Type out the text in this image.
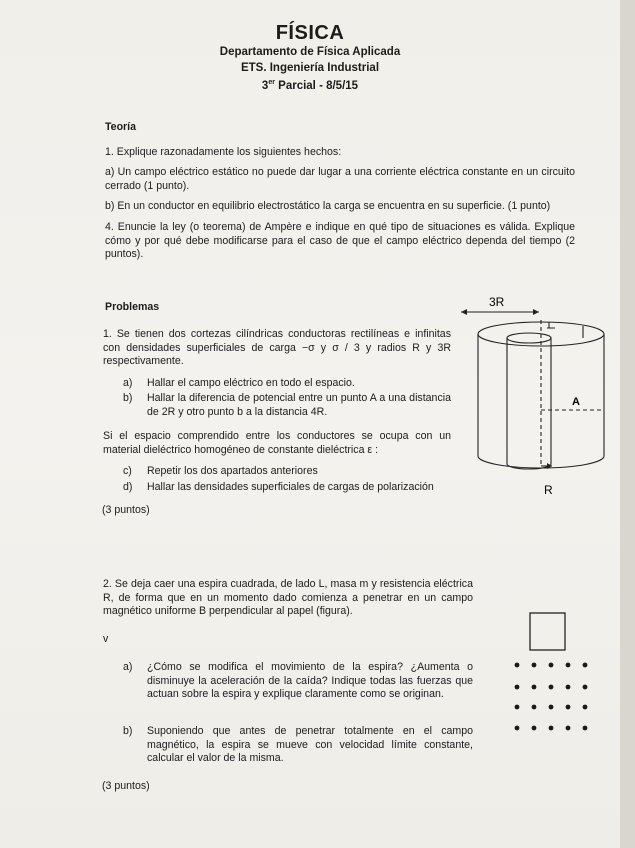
FÍSICA
Departamento de Física Aplicada
ETS. Ingeniería Industrial
3er Parcial - 8/5/15
Teoría
1. Explique razonadamente los siguientes hechos:
a) Un campo eléctrico estático no puede dar lugar a una corriente eléctrica constante en un circuito cerrado (1 punto).
b) En un conductor en equilibrio electrostático la carga se encuentra en su superficie. (1 punto)
4. Enuncie la ley (o teorema) de Ampère e indique en qué tipo de situaciones es válida. Explique cómo y por qué debe modificarse para el caso de que el campo eléctrico dependa del tiempo (2 puntos).
Problemas
1. Se tienen dos cortezas cilíndricas conductoras rectilíneas e infinitas con densidades superficiales de carga −σ y σ / 3 y radios R y 3R respectivamente.
a)	Hallar el campo eléctrico en todo el espacio.
b)	Hallar la diferencia de potencial entre un punto A a una distancia de 2R y otro punto b a la distancia 4R.
Si el espacio comprendido entre los conductores se ocupa con un material dieléctrico homogéneo de constante dieléctrica ε :
c)	Repetir los dos apartados anteriores
d)	Hallar las densidades superficiales de cargas de polarización
(3 puntos)
3R
A
R
2. Se deja caer una espira cuadrada, de lado L, masa m y resistencia eléctrica R, de forma que en un momento dado comienza a penetrar en un campo magnético uniforme B perpendicular al papel (figura).
v
a)	¿Cómo se modifica el movimiento de la espira? ¿Aumenta o disminuye la aceleración de la caída? Indique todas las fuerzas que actuan sobre la espira y explique claramente como se originan.
b)	Suponiendo que antes de penetrar totalmente en el campo magnético, la espira se mueve con velocidad límite constante, calcular el valor de la misma.
(3 puntos)
